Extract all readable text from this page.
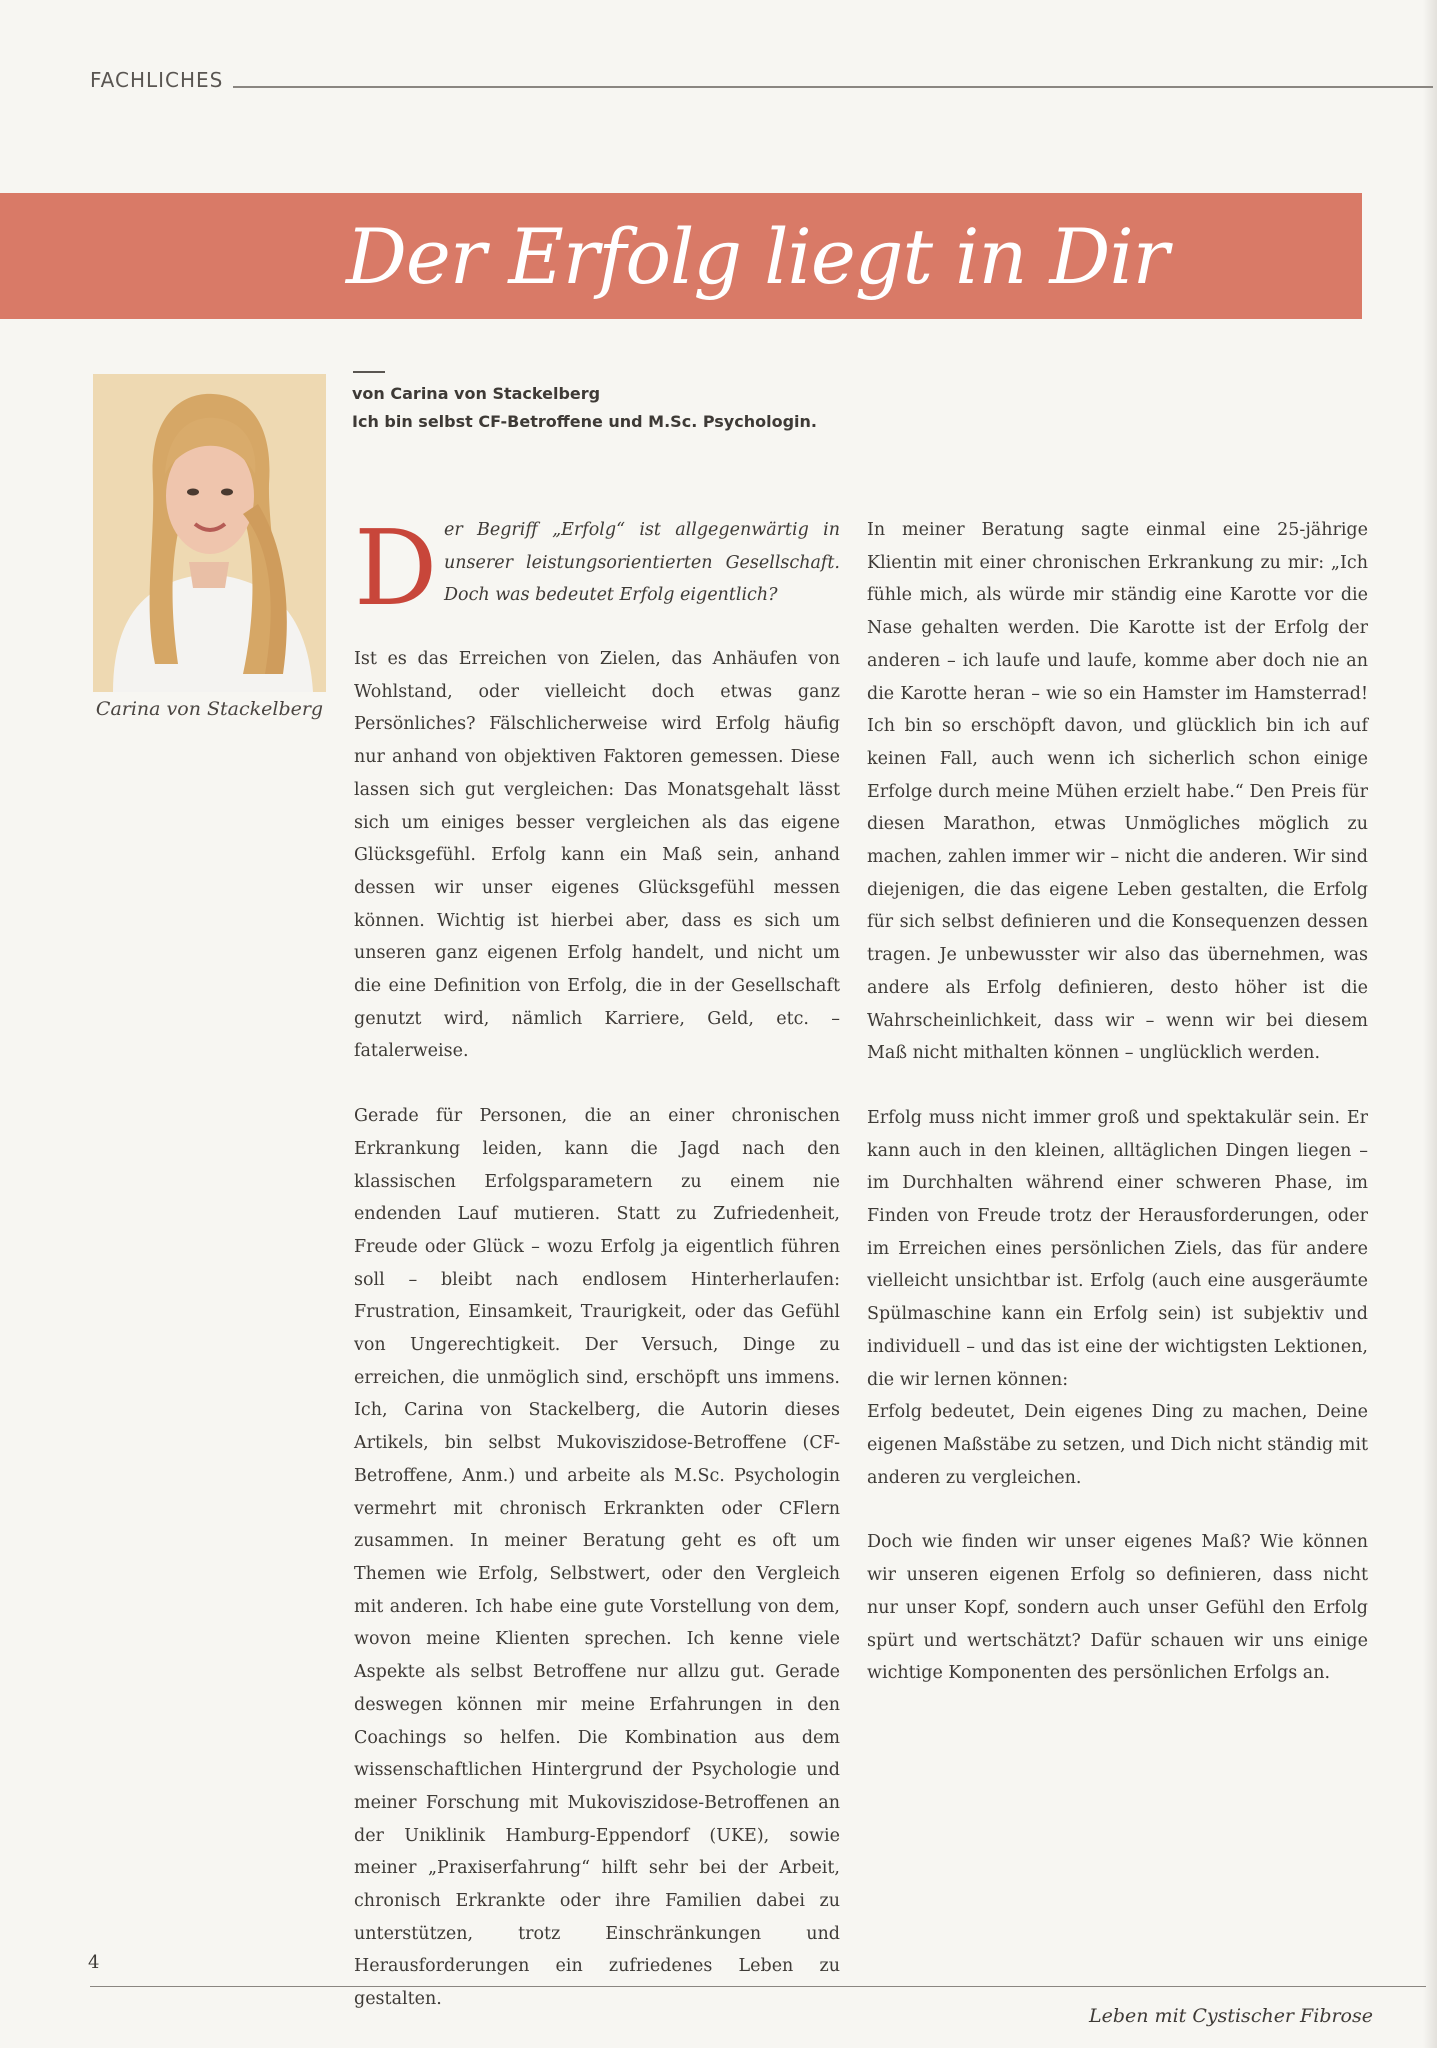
FACHLICHES
Der Erfolg liegt in Dir
Carina von Stackelberg
von Carina von Stackelberg
Ich bin selbst CF-Betroffene und M.Sc. Psychologin.
D er Begriff „Erfolg“ ist allgegenwärtig in unserer leistungsorientierten Gesellschaft. Doch was bedeutet Erfolg eigentlich?

Ist es das Erreichen von Zielen, das Anhäufen von Wohlstand, oder vielleicht doch etwas ganz Persönliches? Fälschlicherweise wird Erfolg häufig nur anhand von objektiven Faktoren gemessen. Diese lassen sich gut vergleichen: Das Monatsgehalt lässt sich um einiges besser vergleichen als das eigene Glücksgefühl. Erfolg kann ein Maß sein, anhand dessen wir unser eigenes Glücksgefühl messen können. Wichtig ist hierbei aber, dass es sich um unseren ganz eigenen Erfolg handelt, und nicht um die eine Definition von Erfolg, die in der Gesellschaft genutzt wird, nämlich Karriere, Geld, etc. – fatalerweise.

Gerade für Personen, die an einer chronischen Erkrankung leiden, kann die Jagd nach den klassischen Erfolgsparametern zu einem nie endenden Lauf mutieren. Statt zu Zufriedenheit, Freude oder Glück – wozu Erfolg ja eigentlich führen soll – bleibt nach endlosem Hinterherlaufen: Frustration, Einsamkeit, Traurigkeit, oder das Gefühl von Ungerechtigkeit. Der Versuch, Dinge zu erreichen, die unmöglich sind, erschöpft uns immens. Ich, Carina von Stackelberg, die Autorin dieses Artikels, bin selbst Mukoviszidose-Betroffene (CF-Betroffene, Anm.) und arbeite als M.Sc. Psychologin vermehrt mit chronisch Erkrankten oder CFlern zusammen. In meiner Beratung geht es oft um Themen wie Erfolg, Selbstwert, oder den Vergleich mit anderen. Ich habe eine gute Vorstellung von dem, wovon meine Klienten sprechen. Ich kenne viele Aspekte als selbst Betroffene nur allzu gut. Gerade deswegen können mir meine Erfahrungen in den Coachings so helfen. Die Kombination aus dem wissenschaftlichen Hintergrund der Psychologie und meiner Forschung mit Mukoviszidose-Betroffenen an der Uniklinik Hamburg-Eppendorf (UKE), sowie meiner „Praxiserfahrung“ hilft sehr bei der Arbeit, chronisch Erkrankte oder ihre Familien dabei zu unterstützen, trotz Einschränkungen und Herausforderungen ein zufriedenes Leben zu gestalten.

In meiner Beratung sagte einmal eine 25-jährige Klientin mit einer chronischen Erkrankung zu mir: „Ich fühle mich, als würde mir ständig eine Karotte vor die Nase gehalten werden. Die Karotte ist der Erfolg der anderen – ich laufe und laufe, komme aber doch nie an die Karotte heran – wie so ein Hamster im Hamsterrad! Ich bin so erschöpft davon, und glücklich bin ich auf keinen Fall, auch wenn ich sicherlich schon einige Erfolge durch meine Mühen erzielt habe.“ Den Preis für diesen Marathon, etwas Unmögliches möglich zu machen, zahlen immer wir – nicht die anderen. Wir sind diejenigen, die das eigene Leben gestalten, die Erfolg für sich selbst definieren und die Konsequenzen dessen tragen. Je unbewusster wir also das übernehmen, was andere als Erfolg definieren, desto höher ist die Wahrscheinlichkeit, dass wir – wenn wir bei diesem Maß nicht mithalten können – unglücklich werden.

Erfolg muss nicht immer groß und spektakulär sein. Er kann auch in den kleinen, alltäglichen Dingen liegen – im Durchhalten während einer schweren Phase, im Finden von Freude trotz der Herausforderungen, oder im Erreichen eines persönlichen Ziels, das für andere vielleicht unsichtbar ist. Erfolg (auch eine ausgeräumte Spülmaschine kann ein Erfolg sein) ist subjektiv und individuell – und das ist eine der wichtigsten Lektionen, die wir lernen können:

Erfolg bedeutet, Dein eigenes Ding zu machen, Deine eigenen Maßstäbe zu setzen, und Dich nicht ständig mit anderen zu vergleichen.

Doch wie finden wir unser eigenes Maß? Wie können wir unseren eigenen Erfolg so definieren, dass nicht nur unser Kopf, sondern auch unser Gefühl den Erfolg spürt und wertschätzt? Dafür schauen wir uns einige wichtige Komponenten des persönlichen Erfolgs an.

4
Leben mit Cystischer Fibrose
